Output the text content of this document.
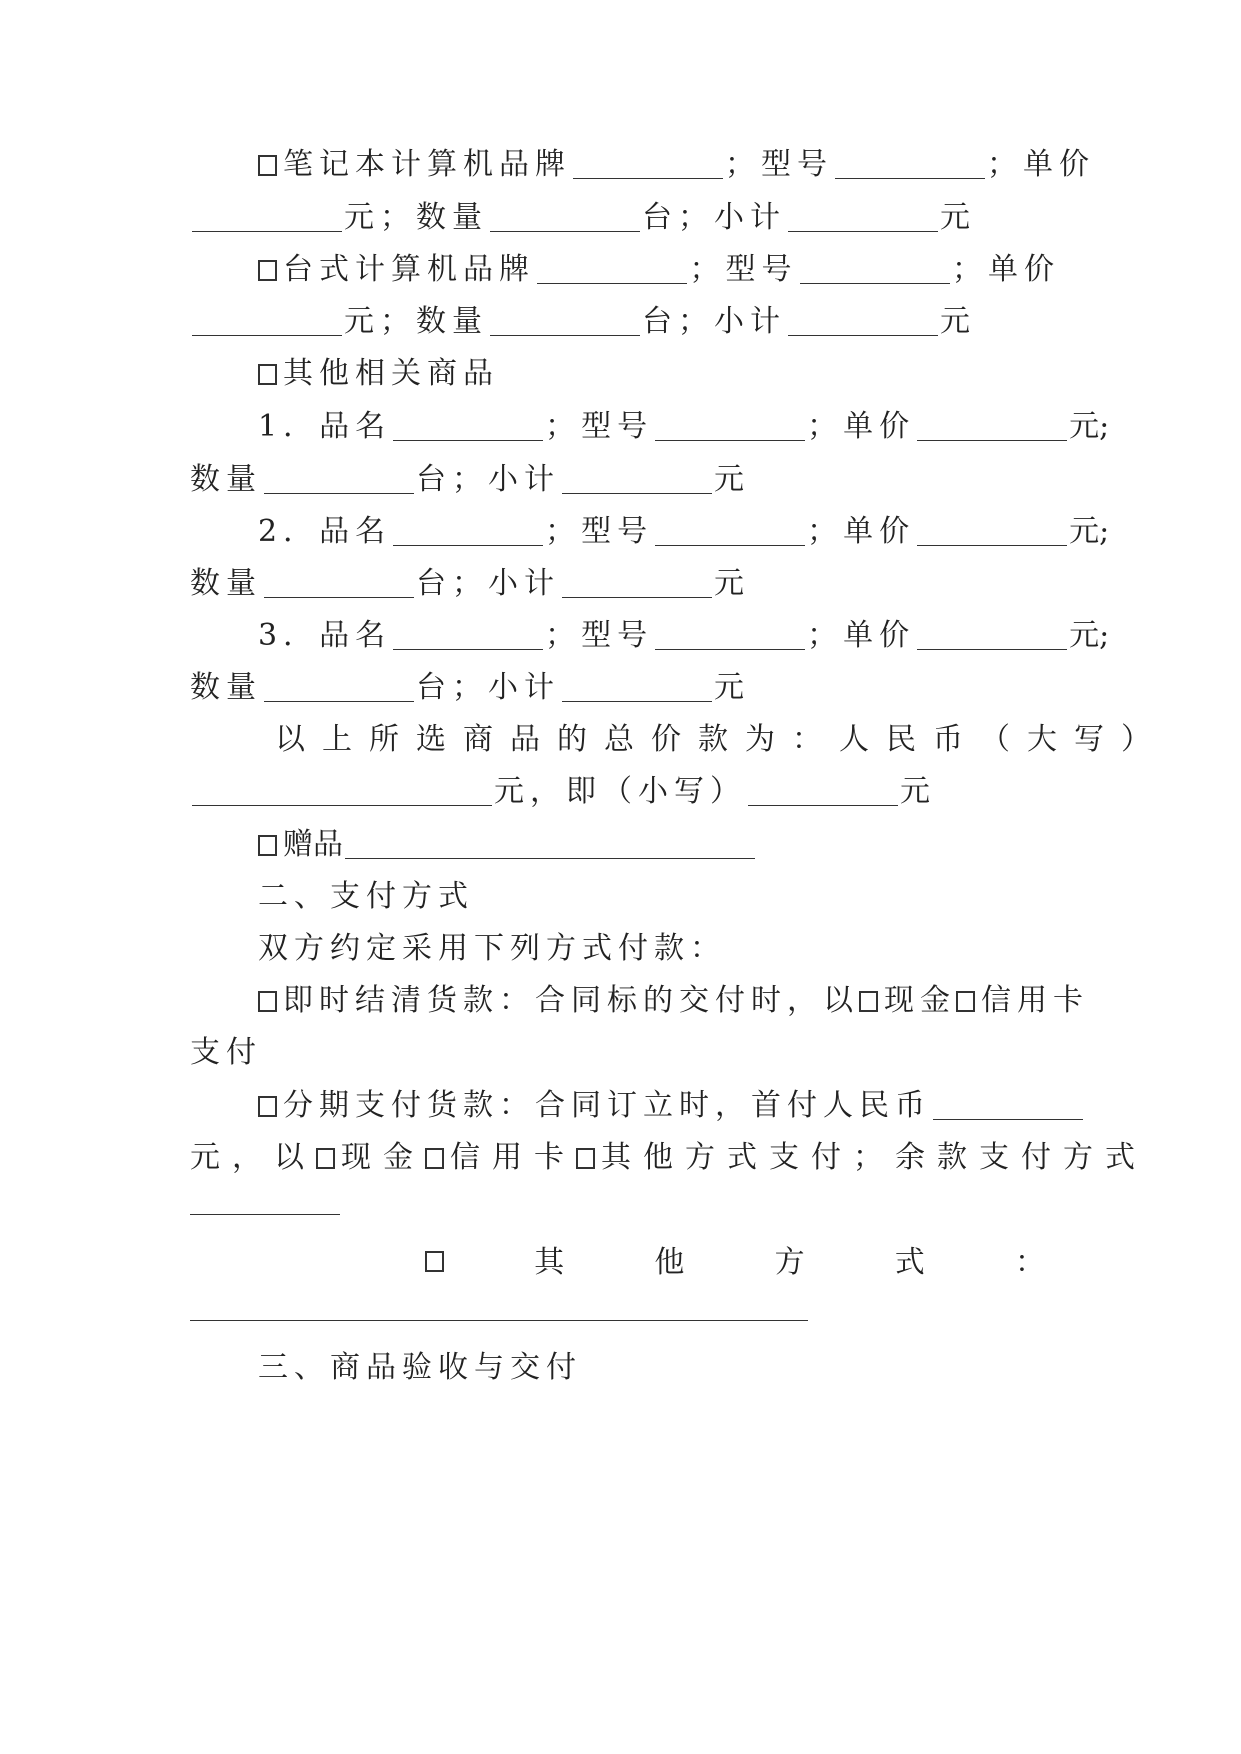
笔记本计算机品牌	；型号	；单价
元；数量	台；小计	元
台式计算机品牌	；型号	；单价
元；数量	台；小计	元
其他相关商品
1．品名	；型号	；单价	元;
数量	台；小计	元
2．品名	；型号	；单价	元;
数量	台；小计	元
3．品名	；型号	；单价	元;
数量	台；小计	元
以上所选商品的总价款为：人民币（大写）
元，即（小写）	元
赠品
二、支付方式
双方约定采用下列方式付款：
即时结清货款：合同标的交付时，以 现金 信用卡
支付
分期支付货款：合同订立时，首付人民币
元，以 现金 信用卡 其他方式支付；余款支付方式
其	他	方	式	：
三、商品验收与交付
